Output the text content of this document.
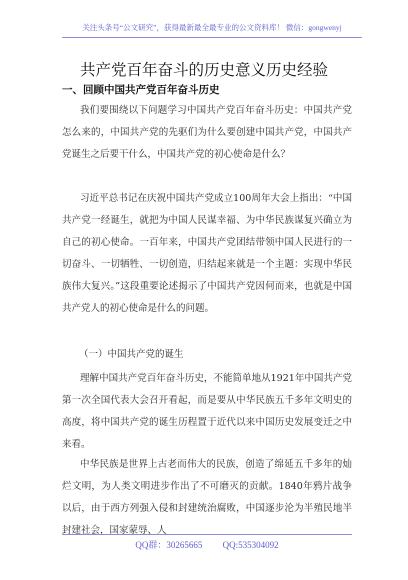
关注头条号“公文研究”，获得最新最全最专业的公文资料库！ 微信：gongwenyj
共产党百年奋斗的历史意义历史经验
一、回顾中国共产党百年奋斗历史

我们要围绕以下问题学习中国共产党百年奋斗历史：中国共产党怎么来的，中国共产党的先驱们为什么要创建中国共产党，中国共产党诞生之后要干什么，中国共产党的初心使命是什么？

习近平总书记在庆祝中国共产党成立100周年大会上指出：“中国共产党一经诞生，就把为中国人民谋幸福、为中华民族谋复兴确立为自己的初心使命。一百年来，中国共产党团结带领中国人民进行的一切奋斗、一切牺牲、一切创造，归结起来就是一个主题：实现中华民族伟大复兴。”这段重要论述揭示了中国共产党因何而来，也就是中国共产党人的初心使命是什么的问题。

（一）中国共产党的诞生

理解中国共产党百年奋斗历史，不能简单地从1921年中国共产党第一次全国代表大会召开看起，而是要从中华民族五千多年文明史的高度，将中国共产党的诞生历程置于近代以来中国历史发展变迁之中来看。

中华民族是世界上古老而伟大的民族，创造了绵延五千多年的灿烂文明，为人类文明进步作出了不可磨灭的贡献。1840年鸦片战争以后，由于西方列强入侵和封建统治腐败，中国逐步沦为半殖民地半封建社会，国家蒙辱、人

QQ群：30265665 QQ:535304092
